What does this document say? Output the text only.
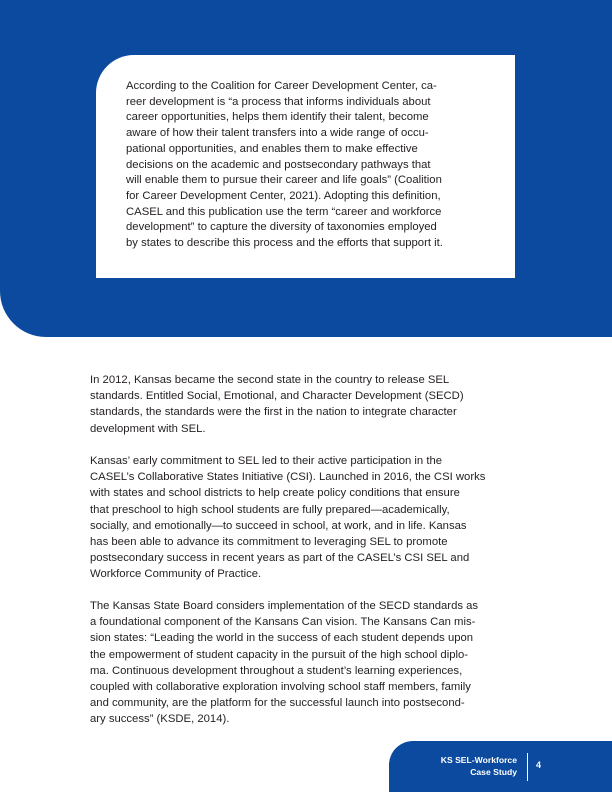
According to the Coalition for Career Development Center, ca-
reer development is “a process that informs individuals about
career opportunities, helps them identify their talent, become
aware of how their talent transfers into a wide range of occu-
pational opportunities, and enables them to make effective
decisions on the academic and postsecondary pathways that
will enable them to pursue their career and life goals” (Coalition
for Career Development Center, 2021). Adopting this definition,
CASEL and this publication use the term “career and workforce
development” to capture the diversity of taxonomies employed
by states to describe this process and the efforts that support it.
In 2012, Kansas became the second state in the country to release SEL
standards. Entitled Social, Emotional, and Character Development (SECD)
standards, the standards were the first in the nation to integrate character
development with SEL.
Kansas’ early commitment to SEL led to their active participation in the
CASEL’s Collaborative States Initiative (CSI). Launched in 2016, the CSI works
with states and school districts to help create policy conditions that ensure
that preschool to high school students are fully prepared—academically,
socially, and emotionally—to succeed in school, at work, and in life. Kansas
has been able to advance its commitment to leveraging SEL to promote
postsecondary success in recent years as part of the CASEL’s CSI SEL and
Workforce Community of Practice.
The Kansas State Board considers implementation of the SECD standards as
a foundational component of the Kansans Can vision. The Kansans Can mis-
sion states: “Leading the world in the success of each student depends upon
the empowerment of student capacity in the pursuit of the high school diplo-
ma. Continuous development throughout a student’s learning experiences,
coupled with collaborative exploration involving school staff members, family
and community, are the platform for the successful launch into postsecond-
ary success” (KSDE, 2014).
KS SEL-Workforce
Case Study
4
